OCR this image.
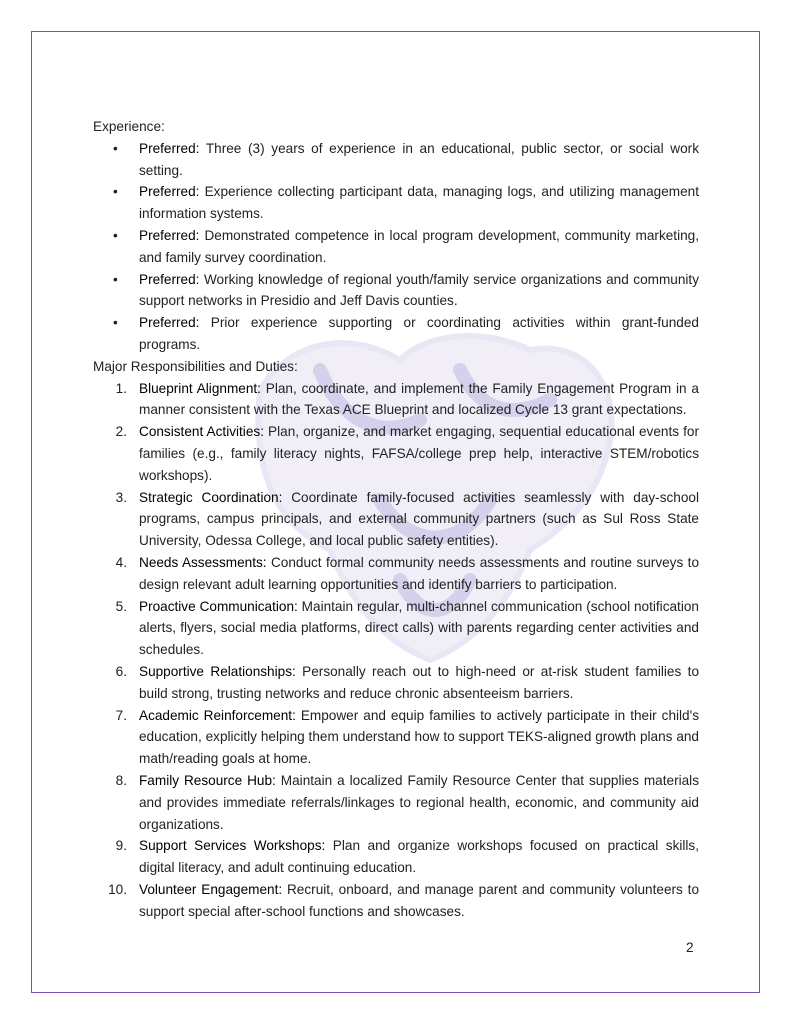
Experience:

• Preferred: Three (3) years of experience in an educational, public sector, or social work setting.
• Preferred: Experience collecting participant data, managing logs, and utilizing management information systems.
• Preferred: Demonstrated competence in local program development, community marketing, and family survey coordination.
• Preferred: Working knowledge of regional youth/family service organizations and community support networks in Presidio and Jeff Davis counties.
• Preferred: Prior experience supporting or coordinating activities within grant-funded programs.

Major Responsibilities and Duties:

1. Blueprint Alignment: Plan, coordinate, and implement the Family Engagement Program in a manner consistent with the Texas ACE Blueprint and localized Cycle 13 grant expectations.
2. Consistent Activities: Plan, organize, and market engaging, sequential educational events for families (e.g., family literacy nights, FAFSA/college prep help, interactive STEM/robotics workshops).
3. Strategic Coordination: Coordinate family-focused activities seamlessly with day-school programs, campus principals, and external community partners (such as Sul Ross State University, Odessa College, and local public safety entities).
4. Needs Assessments: Conduct formal community needs assessments and routine surveys to design relevant adult learning opportunities and identify barriers to participation.
5. Proactive Communication: Maintain regular, multi-channel communication (school notification alerts, flyers, social media platforms, direct calls) with parents regarding center activities and schedules.
6. Supportive Relationships: Personally reach out to high-need or at-risk student families to build strong, trusting networks and reduce chronic absenteeism barriers.
7. Academic Reinforcement: Empower and equip families to actively participate in their child's education, explicitly helping them understand how to support TEKS-aligned growth plans and math/reading goals at home.
8. Family Resource Hub: Maintain a localized Family Resource Center that supplies materials and provides immediate referrals/linkages to regional health, economic, and community aid organizations.
9. Support Services Workshops: Plan and organize workshops focused on practical skills, digital literacy, and adult continuing education.
10. Volunteer Engagement: Recruit, onboard, and manage parent and community volunteers to support special after-school functions and showcases.
2
